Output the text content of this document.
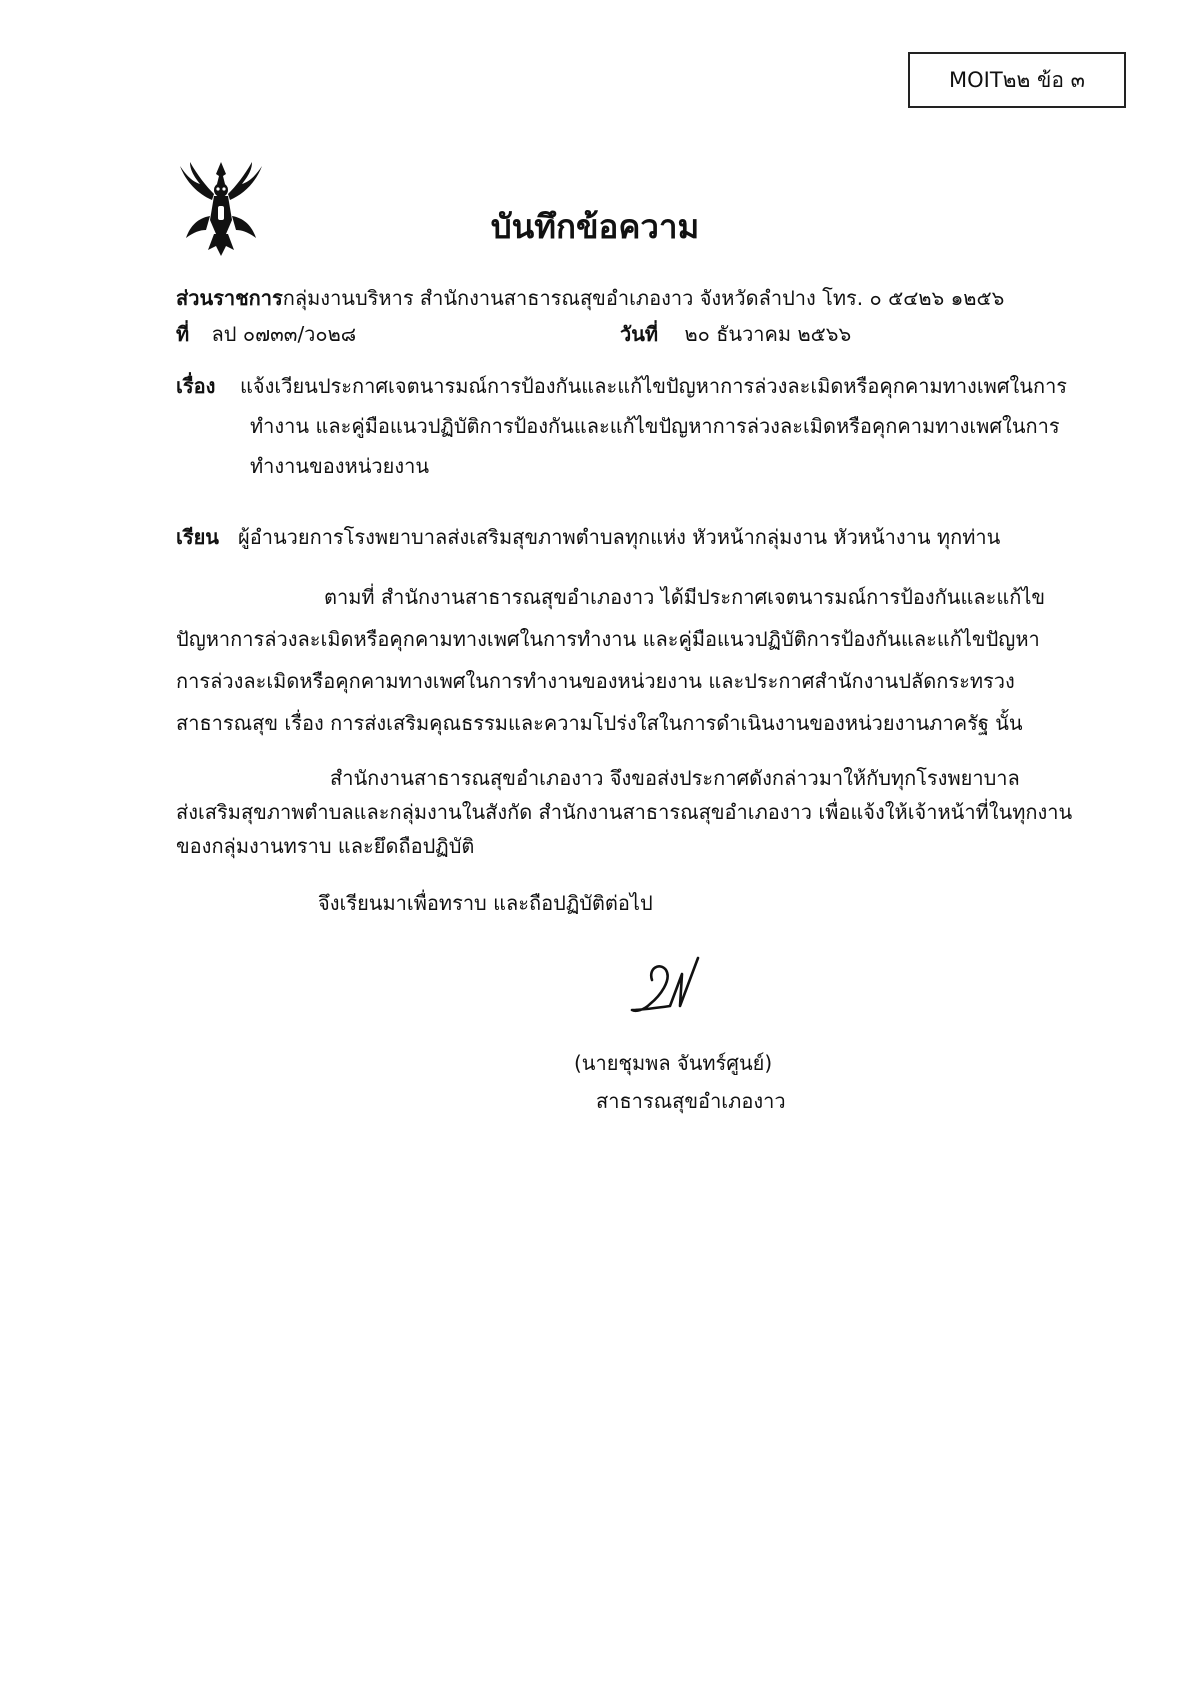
MOIT๒๒ ข้อ ๓
บันทึกข้อความ
ส่วนราชการกลุ่มงานบริหาร สำนักงานสาธารณสุขอำเภองาว จังหวัดลำปาง โทร. ๐ ๕๔๒๖ ๑๒๕๖
ที่ ลป ๐๗๓๓/ว๐๒๘	วันที่ ๒๐ ธันวาคม ๒๕๖๖
เรื่อง แจ้งเวียนประกาศเจตนารมณ์การป้องกันและแก้ไขปัญหาการล่วงละเมิดหรือคุกคามทางเพศในการ
ทำงาน และคู่มือแนวปฏิบัติการป้องกันและแก้ไขปัญหาการล่วงละเมิดหรือคุกคามทางเพศในการ
ทำงานของหน่วยงาน
เรียน ผู้อำนวยการโรงพยาบาลส่งเสริมสุขภาพตำบลทุกแห่ง หัวหน้ากลุ่มงาน หัวหน้างาน ทุกท่าน
ตามที่ สำนักงานสาธารณสุขอำเภองาว ได้มีประกาศเจตนารมณ์การป้องกันและแก้ไข
ปัญหาการล่วงละเมิดหรือคุกคามทางเพศในการทำงาน และคู่มือแนวปฏิบัติการป้องกันและแก้ไขปัญหา
การล่วงละเมิดหรือคุกคามทางเพศในการทำงานของหน่วยงาน และประกาศสำนักงานปลัดกระทรวง
สาธารณสุข เรื่อง การส่งเสริมคุณธรรมและความโปร่งใสในการดำเนินงานของหน่วยงานภาครัฐ นั้น
สำนักงานสาธารณสุขอำเภองาว จึงขอส่งประกาศดังกล่าวมาให้กับทุกโรงพยาบาล
ส่งเสริมสุขภาพตำบลและกลุ่มงานในสังกัด สำนักงานสาธารณสุขอำเภองาว เพื่อแจ้งให้เจ้าหน้าที่ในทุกงาน
ของกลุ่มงานทราบ และยึดถือปฏิบัติ
จึงเรียนมาเพื่อทราบ และถือปฏิบัติต่อไป
(นายชุมพล จันทร์ศูนย์)
สาธารณสุขอำเภองาว
